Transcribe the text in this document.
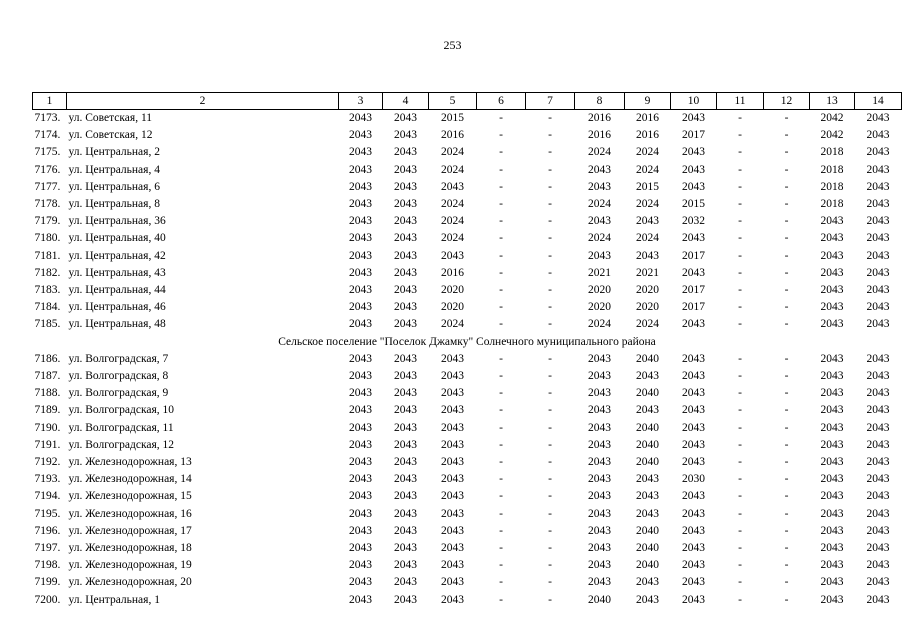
253
1	2	3	4	5	6	7	8	9	10	11	12	13	14
7173.	ул. Советская, 11	2043	2043	2015	-	-	2016	2016	2043	-	-	2042	2043
7174.	ул. Советская, 12	2043	2043	2016	-	-	2016	2016	2017	-	-	2042	2043
7175.	ул. Центральная, 2	2043	2043	2024	-	-	2024	2024	2043	-	-	2018	2043
7176.	ул. Центральная, 4	2043	2043	2024	-	-	2043	2024	2043	-	-	2018	2043
7177.	ул. Центральная, 6	2043	2043	2043	-	-	2043	2015	2043	-	-	2018	2043
7178.	ул. Центральная, 8	2043	2043	2024	-	-	2024	2024	2015	-	-	2018	2043
7179.	ул. Центральная, 36	2043	2043	2024	-	-	2043	2043	2032	-	-	2043	2043
7180.	ул. Центральная, 40	2043	2043	2024	-	-	2024	2024	2043	-	-	2043	2043
7181.	ул. Центральная, 42	2043	2043	2043	-	-	2043	2043	2017	-	-	2043	2043
7182.	ул. Центральная, 43	2043	2043	2016	-	-	2021	2021	2043	-	-	2043	2043
7183.	ул. Центральная, 44	2043	2043	2020	-	-	2020	2020	2017	-	-	2043	2043
7184.	ул. Центральная, 46	2043	2043	2020	-	-	2020	2020	2017	-	-	2043	2043
7185.	ул. Центральная, 48	2043	2043	2024	-	-	2024	2024	2043	-	-	2043	2043
Сельское поселение "Поселок Джамку" Солнечного муниципального района													
7186.	ул. Волгоградская, 7	2043	2043	2043	-	-	2043	2040	2043	-	-	2043	2043
7187.	ул. Волгоградская, 8	2043	2043	2043	-	-	2043	2043	2043	-	-	2043	2043
7188.	ул. Волгоградская, 9	2043	2043	2043	-	-	2043	2040	2043	-	-	2043	2043
7189.	ул. Волгоградская, 10	2043	2043	2043	-	-	2043	2043	2043	-	-	2043	2043
7190.	ул. Волгоградская, 11	2043	2043	2043	-	-	2043	2040	2043	-	-	2043	2043
7191.	ул. Волгоградская, 12	2043	2043	2043	-	-	2043	2040	2043	-	-	2043	2043
7192.	ул. Железнодорожная, 13	2043	2043	2043	-	-	2043	2040	2043	-	-	2043	2043
7193.	ул. Железнодорожная, 14	2043	2043	2043	-	-	2043	2043	2030	-	-	2043	2043
7194.	ул. Железнодорожная, 15	2043	2043	2043	-	-	2043	2043	2043	-	-	2043	2043
7195.	ул. Железнодорожная, 16	2043	2043	2043	-	-	2043	2043	2043	-	-	2043	2043
7196.	ул. Железнодорожная, 17	2043	2043	2043	-	-	2043	2040	2043	-	-	2043	2043
7197.	ул. Железнодорожная, 18	2043	2043	2043	-	-	2043	2040	2043	-	-	2043	2043
7198.	ул. Железнодорожная, 19	2043	2043	2043	-	-	2043	2040	2043	-	-	2043	2043
7199.	ул. Железнодорожная, 20	2043	2043	2043	-	-	2043	2043	2043	-	-	2043	2043
7200.	ул. Центральная, 1	2043	2043	2043	-	-	2040	2043	2043	-	-	2043	2043
